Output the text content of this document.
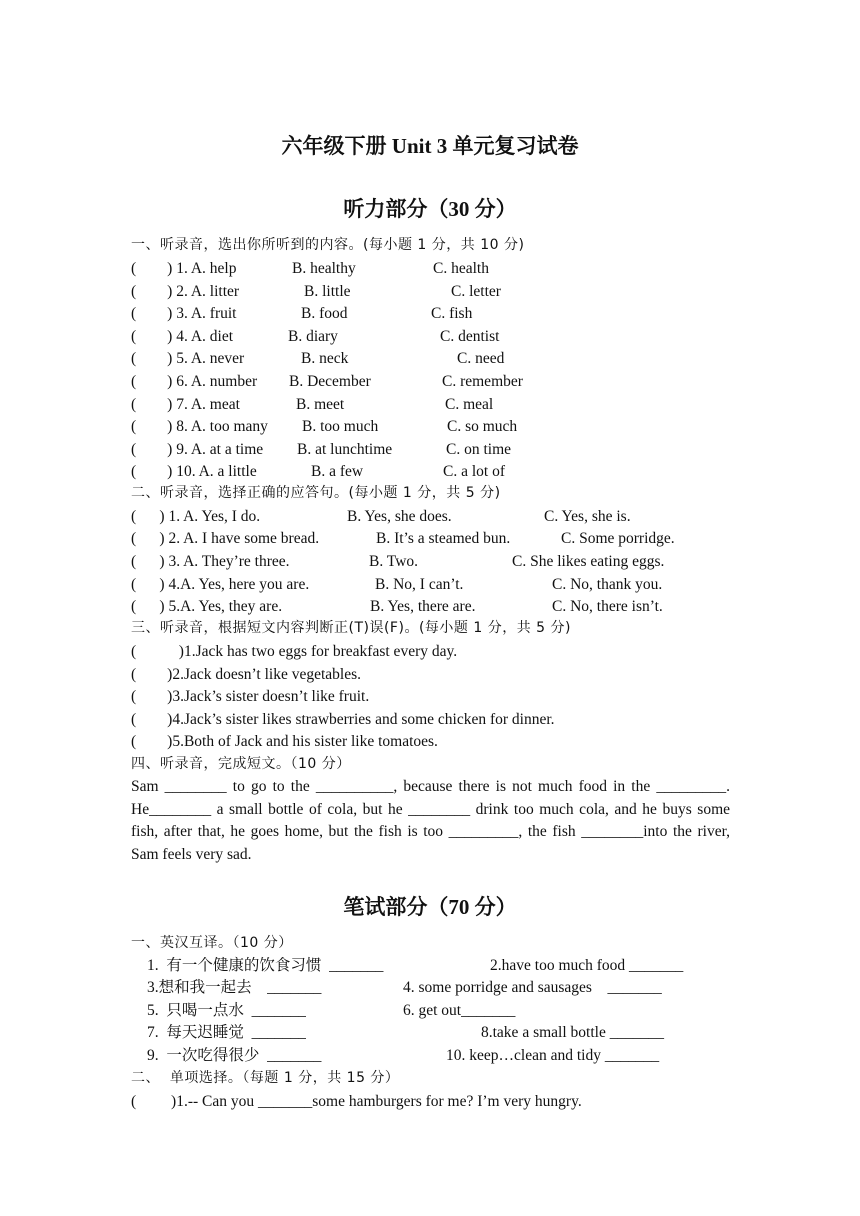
六年级下册 Unit 3 单元复习试卷
听力部分（30 分）
一、听录音，选出你所听到的内容。(每小题 1 分，共 10 分)
(        ) 1. A. help	B. healthy	C. health
(        ) 2. A. litter	B. little	C. letter
(        ) 3. A. fruit	B. food	C. fish
(        ) 4. A. diet	B. diary	C. dentist
(        ) 5. A. never	B. neck	C. need
(        ) 6. A. number B. December	C. remember
(        ) 7. A. meat	B. meet	C. meal
(        ) 8. A. too many B. too much	C. so much
(        ) 9. A. at a time B. at lunchtime	C. on time
(        ) 10. A. a little	B. a few	C. a lot of
二、听录音，选择正确的应答句。(每小题 1 分，共 5 分)
(      ) 1. A. Yes, I do.	B. Yes, she does.	C. Yes, she is.
(      ) 2. A. I have some bread.	B. It’s a steamed bun.	C. Some porridge.
(      ) 3. A. They’re three.	B. Two.	C. She likes eating eggs.
(      ) 4.A. Yes, here you are.	B. No, I can’t.	C. No, thank you.
(      ) 5.A. Yes, they are.	B. Yes, there are.	C. No, there isn’t.
三、听录音，根据短文内容判断正(T)误(F)。(每小题 1 分，共 5 分)
(           )1.Jack has two eggs for breakfast every day.
(        )2.Jack doesn’t like vegetables.
(        )3.Jack’s sister doesn’t like fruit.
(        )4.Jack’s sister likes strawberries and some chicken for dinner.
(        )5.Both of Jack and his sister like tomatoes.
四、听录音，完成短文。（10 分）
Sam ________ to go to the __________, because there is not much food in the _________. He________ a small bottle of cola, but he ________ drink too much cola, and he buys some fish, after that, he goes home, but the fish is too _________, the fish ________into the river, Sam feels very sad.
笔试部分（70 分）
一、英汉互译。（10 分）
1.  有一个健康的饮食习惯  _______	2.have too much food _______
3.想和我一起去    _______	4. some porridge and sausages    _______
5.  只喝一点水  _______	6. get out_______
7.  每天迟睡觉  _______	8.take a small bottle _______
9.  一次吃得很少  _______	10. keep…clean and tidy _______
二、  单项选择。（每题 1 分，共 15 分）
(         )1.-- Can you _______some hamburgers for me? I’m very hungry.
